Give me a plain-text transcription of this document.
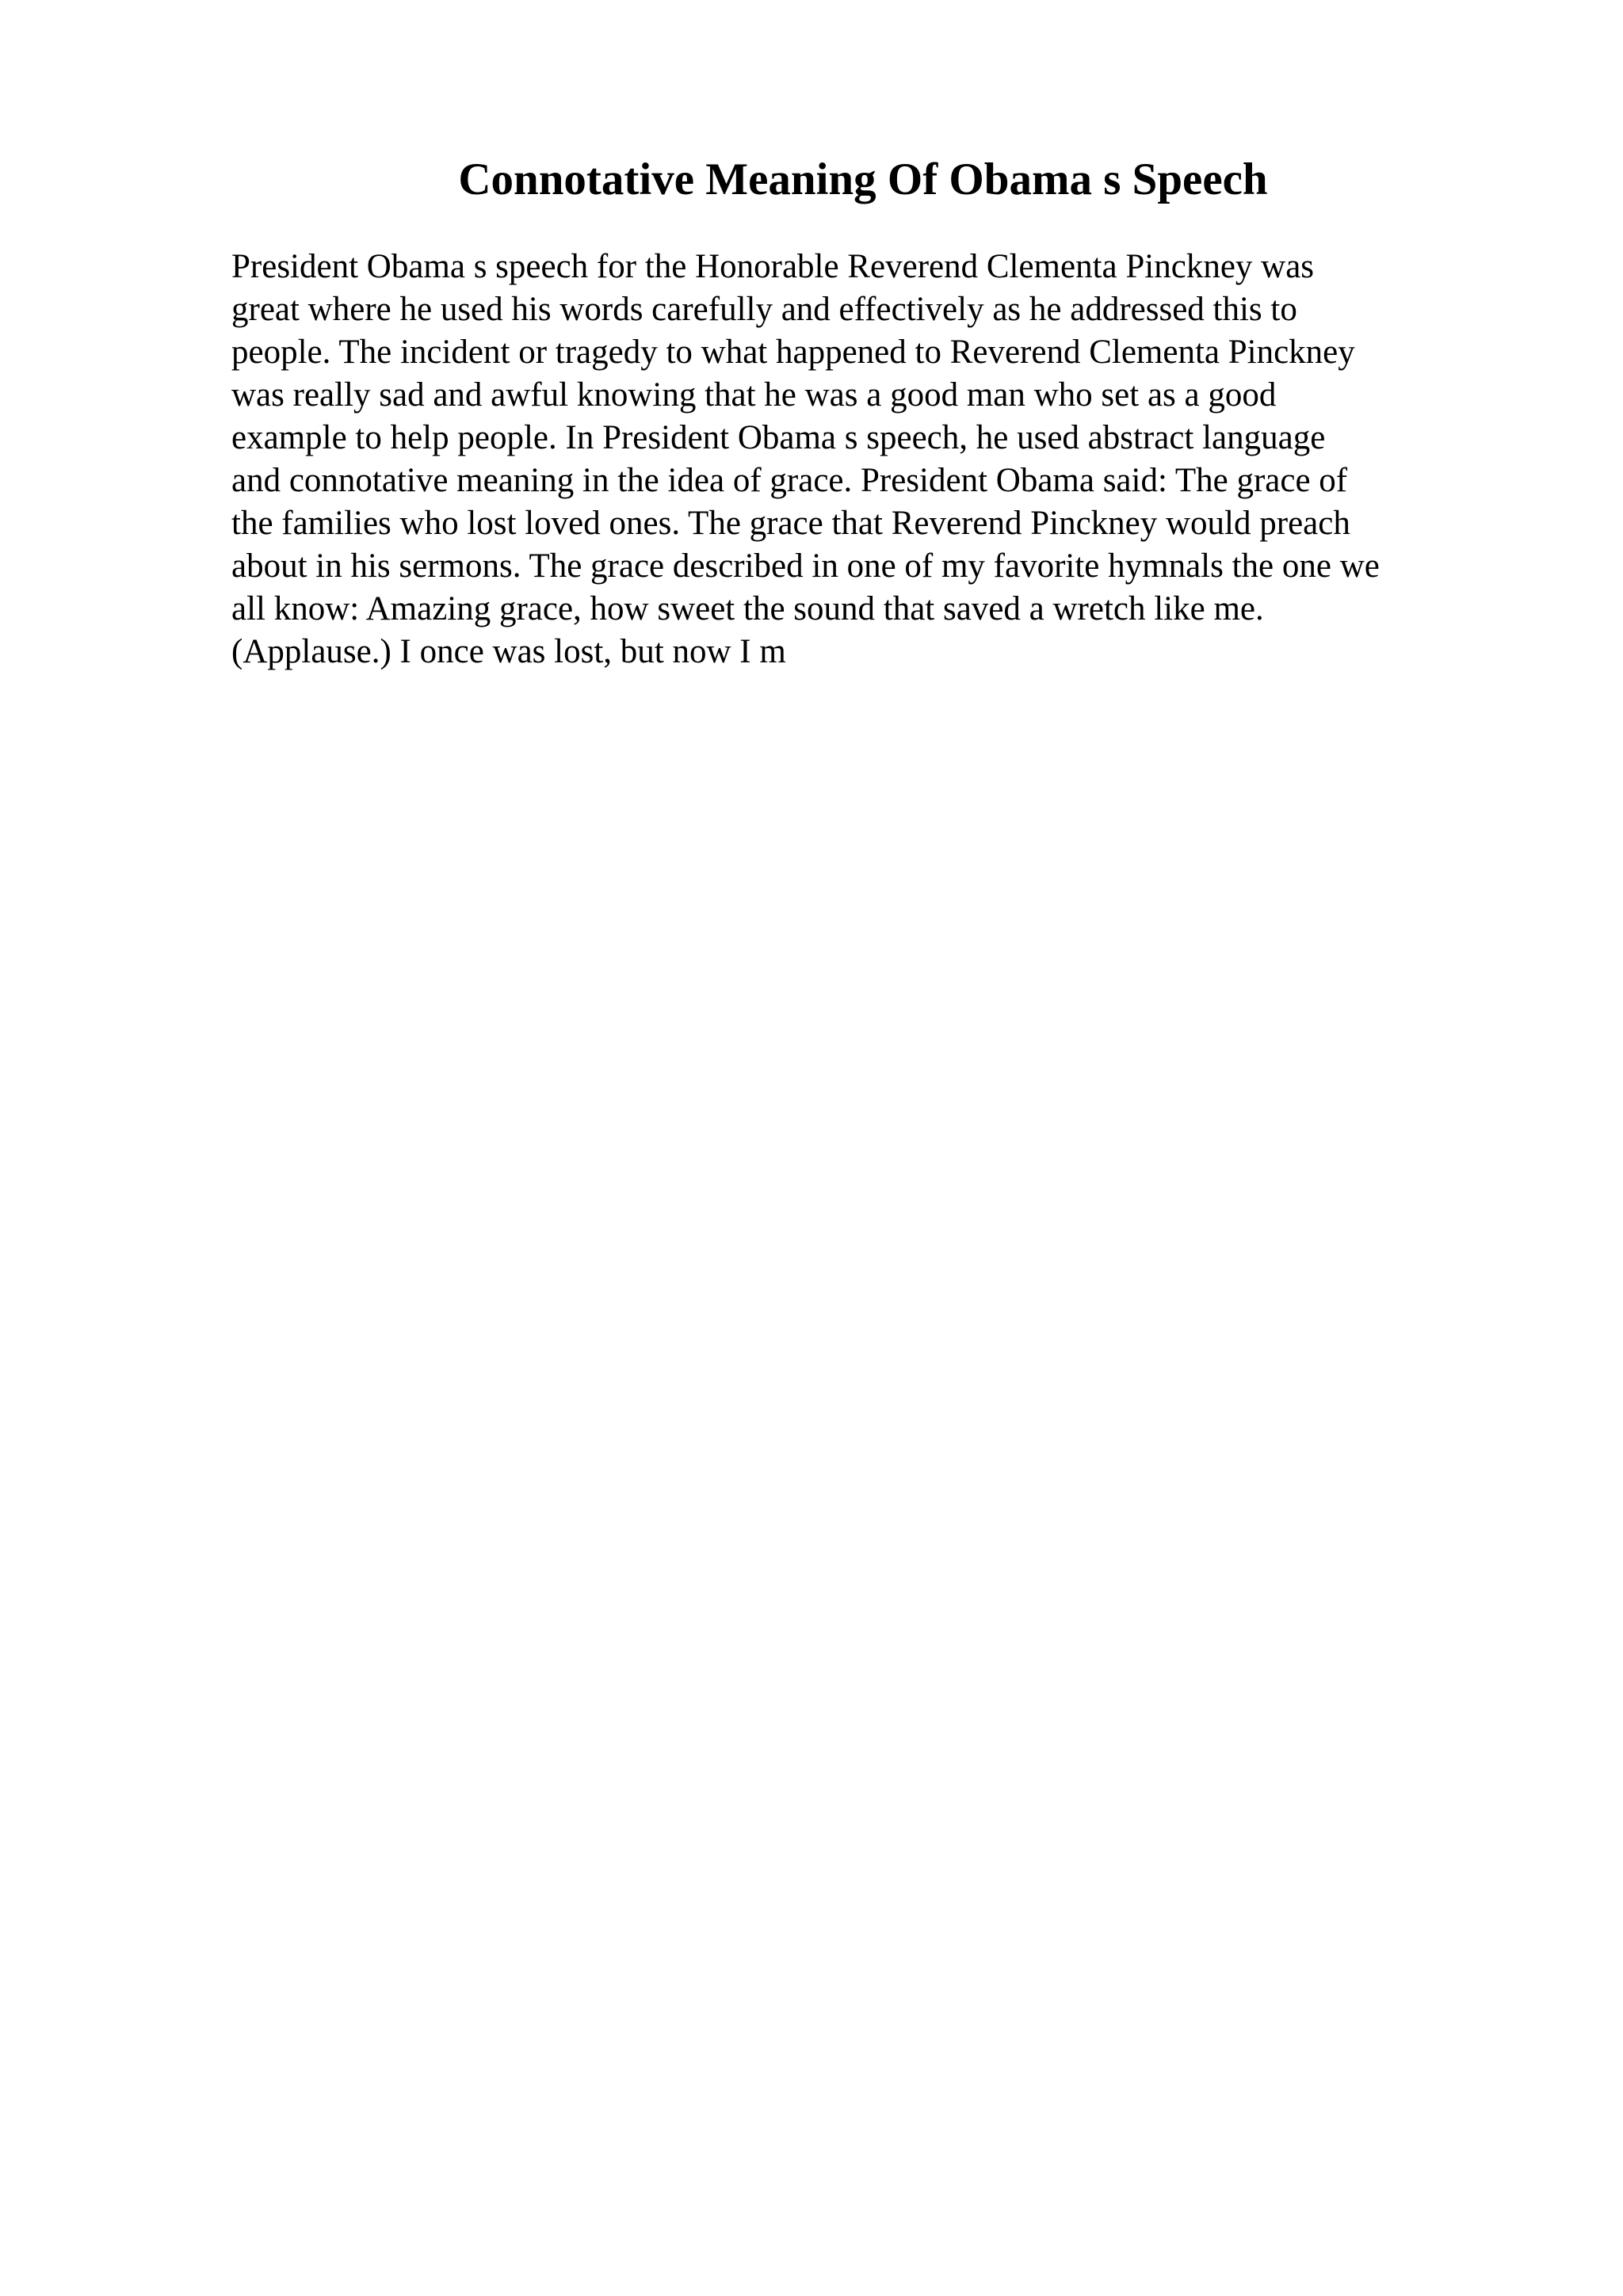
Connotative Meaning Of Obama s Speech
President Obama s speech for the Honorable Reverend Clementa Pinckney was
great where he used his words carefully and effectively as he addressed this to
people. The incident or tragedy to what happened to Reverend Clementa Pinckney
was really sad and awful knowing that he was a good man who set as a good
example to help people. In President Obama s speech, he used abstract language
and connotative meaning in the idea of grace. President Obama said: The grace of
the families who lost loved ones. The grace that Reverend Pinckney would preach
about in his sermons. The grace described in one of my favorite hymnals the one we
all know: Amazing grace, how sweet the sound that saved a wretch like me.
(Applause.) I once was lost, but now I m
